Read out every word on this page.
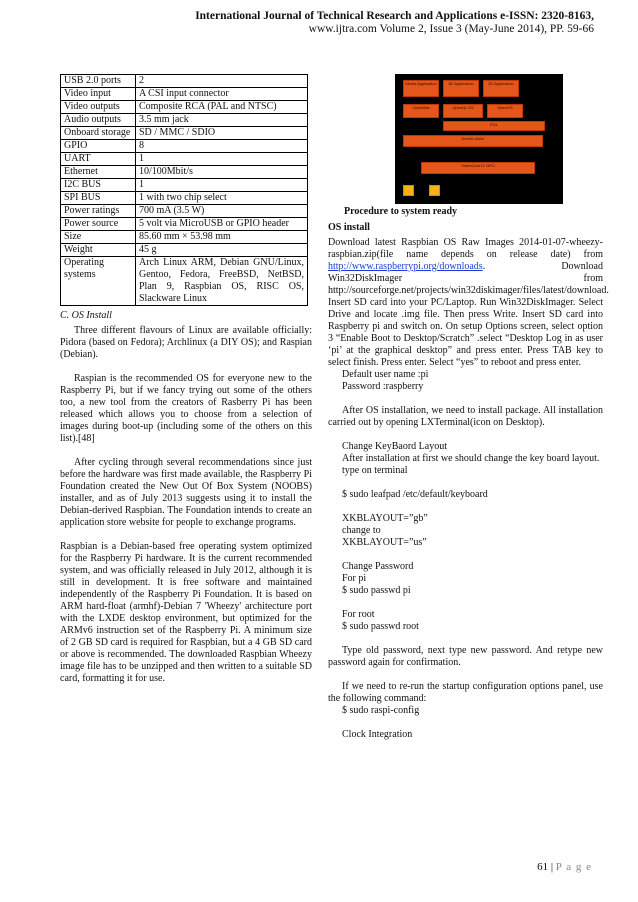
International Journal of Technical Research and Applications e-ISSN: 2320-8163,
www.ijtra.com Volume 2, Issue 3 (May-June 2014), PP. 59-66
USB 2.0 ports	2
Video input	A CSI input connector
Video outputs	Composite RCA (PAL and NTSC)
Audio outputs	3.5 mm jack
Onboard storage	SD / MMC / SDIO
GPIO	8
UART	1
Ethernet	10/100Mbit/s
I2C BUS	1
SPI BUS	1 with two chip select
Power ratings	700 mA (3.5 W)
Power source	5 volt via MicroUSB or GPIO header
Size	85.60 mm × 53.98 mm
Weight	45 g
Operating systems	Arch Linux ARM, Debian GNU/Linux, Gentoo, Fedora, FreeBSD, NetBSD, Plan 9, Raspbian OS, RISC OS, Slackware Linux
C. OS Install

Three different flavours of Linux are available officially: Pidora (based on Fedora); Archlinux (a DIY OS); and Raspian (Debian).

Raspian is the recommended OS for everyone new to the Raspberry Pi, but if we fancy trying out some of the others too, a new tool from the creators of Rasberry Pi has been released which allows you to choose from a selection of images during boot-up (including some of the others on this list).[48]

After cycling through several recommendations since just before the hardware was first made available, the Raspberry Pi Foundation created the New Out Of Box System (NOOBS) installer, and as of July 2013 suggests using it to install the Debian-derived Raspbian. The Foundation intends to create an application store website for people to exchange programs.

Raspbian is a Debian-based free operating system optimized for the Raspberry Pi hardware. It is the current recommended system, and was officially released in July 2012, although it is still in development. It is free software and maintained independently of the Raspberry Pi Foundation. It is based on ARM hard-float (armhf)-Debian 7 'Wheezy' architecture port with the LXDE desktop environment, but optimized for the ARMv6 instruction set of the Raspberry Pi. A minimum size of 2 GB SD card is required for Raspbian, but a 4 GB SD card or above is recommended. The downloaded Raspbian Wheezy image file has to be unzipped and then written to a suitable SD card, formatting it for use.

Media Application	3D Application	2D Application
OpenMax	OpenGL ES	OpenVG
EGL
Kernel driver
VideoCore IV GPU
Procedure to system ready
OS install

Download latest Raspbian OS Raw Images 2014-01-07-wheezy-raspbian.zip(file name depends on release date) from http://www.raspberrypi.org/downloads. Download Win32DiskImager from http://sourceforge.net/projects/win32diskimager/files/latest/download. Insert SD card into your PC/Laptop. Run Win32DiskImager. Select Drive and locate .img file. Then press Write. Insert SD card into Raspberry pi and switch on. On setup Options screen, select option 3 “Enable Boot to Desktop/Scratch” .select “Desktop Log in as user ‘pi’ at the graphical desktop” and press enter. Press TAB key to select finish. Press enter. Select “yes” to reboot and press enter.

Default user name :pi
Password :raspberry

After OS installation, we need to install package. All installation carried out by opening LXTerminal(icon on Desktop).

Change KeyBaord Layout

After installation at first we should change the key board layout.

type on terminal
$ sudo leafpad /etc/default/keyboard
XKBLAYOUT=”gb”
change to
XKBLAYOUT=”us”
Change Password
For pi
$ sudo passwd pi
For root
$ sudo passwd root

Type old password, next type new password. And retype new password again for confirmation.

If we need to re-run the startup configuration options panel, use the following command:

$ sudo raspi-config
Clock Integration
61 | P a g e
